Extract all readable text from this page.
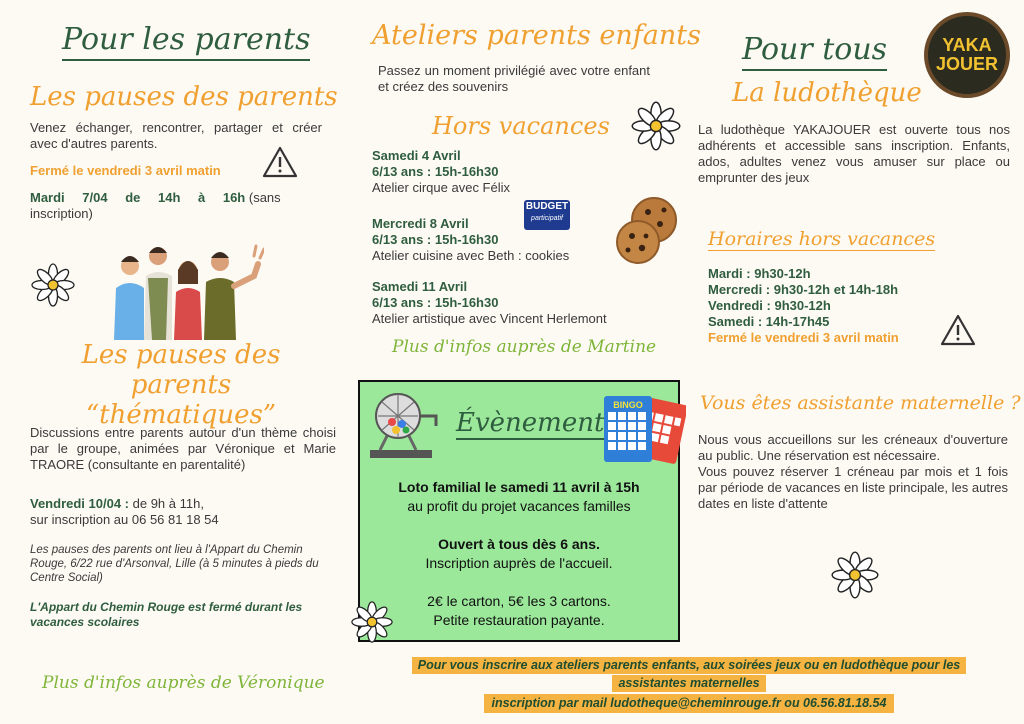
Pour les parents
Les pauses des parents
Venez échanger, rencontrer, partager et créer avec d'autres parents.
Fermé le vendredi 3 avril matin
Mardi 7/04 de 14h à 16h (sans inscription)
Les pauses des parents
“thématiques”
Discussions entre parents autour d'un thème choisi par le groupe, animées par Véronique et Marie TRAORE (consultante en parentalité)
Vendredi 10/04 : de 9h à 11h,
sur inscription au 06 56 81 18 54
Les pauses des parents ont lieu à l'Appart du Chemin Rouge, 6/22 rue d'Arsonval, Lille (à 5 minutes à pieds du Centre Social)
L'Appart du Chemin Rouge est fermé durant les vacances scolaires
Plus d'infos auprès de Véronique
Ateliers parents enfants
Passez un moment privilégié avec votre enfant et créez des souvenirs
Hors vacances
Samedi 4 Avril
6/13 ans : 15h-16h30
Atelier cirque avec Félix
BUDGET
participatif
Mercredi 8 Avril
6/13 ans : 15h-16h30
Atelier cuisine avec Beth : cookies
Samedi 11 Avril
6/13 ans : 15h-16h30
Atelier artistique avec Vincent Herlemont
Plus d'infos auprès de Martine
Évènement
BINGO
Loto familial le samedi 11 avril à 15h
au profit du projet vacances familles
Ouvert à tous dès 6 ans.
Inscription auprès de l'accueil.
2€ le carton, 5€ les 3 cartons.
Petite restauration payante.
Pour tous	YAKA
JOUER
La ludothèque
La ludothèque YAKAJOUER est ouverte tous nos adhérents et accessible sans inscription. Enfants, ados, adultes venez vous amuser sur place ou emprunter des jeux
Horaires hors vacances
Mardi : 9h30-12h
Mercredi : 9h30-12h et 14h-18h
Vendredi : 9h30-12h
Samedi : 14h-17h45
Fermé le vendredi 3 avril matin
Vous êtes assistante maternelle ?
Nous vous accueillons sur les créneaux d'ouverture au public. Une réservation est nécessaire.
Vous pouvez réserver 1 créneau par mois et 1 fois par période de vacances en liste principale, les autres dates en liste d'attente
Pour vous inscrire aux ateliers parents enfants, aux soirées jeux ou en ludothèque pour les
assistantes maternelles
inscription par mail ludotheque@cheminrouge.fr ou 06.56.81.18.54
